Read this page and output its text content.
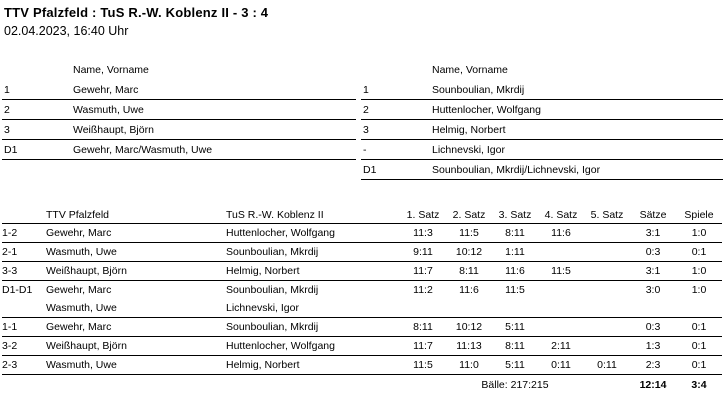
TTV Pfalzfeld : TuS R.-W. Koblenz II - 3 : 4
02.04.2023, 16:40 Uhr
	Name, Vorname
1	Gewehr, Marc
2	Wasmuth, Uwe
3	Weißhaupt, Björn
D1	Gewehr, Marc/Wasmuth, Uwe
	Name, Vorname
1	Sounboulian, Mkrdij
2	Huttenlocher, Wolfgang
3	Helmig, Norbert
-	Lichnevski, Igor
D1	Sounboulian, Mkrdij/Lichnevski, Igor
	TTV Pfalzfeld	TuS R.-W. Koblenz II	1. Satz	2. Satz	3. Satz	4. Satz	5. Satz	Sätze	Spiele
1-2	Gewehr, Marc	Huttenlocher, Wolfgang	11:3	11:5	8:11	11:6		3:1	1:0
2-1	Wasmuth, Uwe	Sounboulian, Mkrdij	9:11	10:12	1:11			0:3	0:1
3-3	Weißhaupt, Björn	Helmig, Norbert	11:7	8:11	11:6	11:5		3:1	1:0
D1-D1	Gewehr, Marc	Sounboulian, Mkrdij	11:2	11:6	11:5			3:0	1:0
	Wasmuth, Uwe	Lichnevski, Igor							
1-1	Gewehr, Marc	Sounboulian, Mkrdij	8:11	10:12	5:11			0:3	0:1
3-2	Weißhaupt, Björn	Huttenlocher, Wolfgang	11:7	11:13	8:11	2:11		1:3	0:1
2-3	Wasmuth, Uwe	Helmig, Norbert	11:5	11:0	5:11	0:11	0:11	2:3	0:1
			Bälle: 217:215					12:14	3:4
